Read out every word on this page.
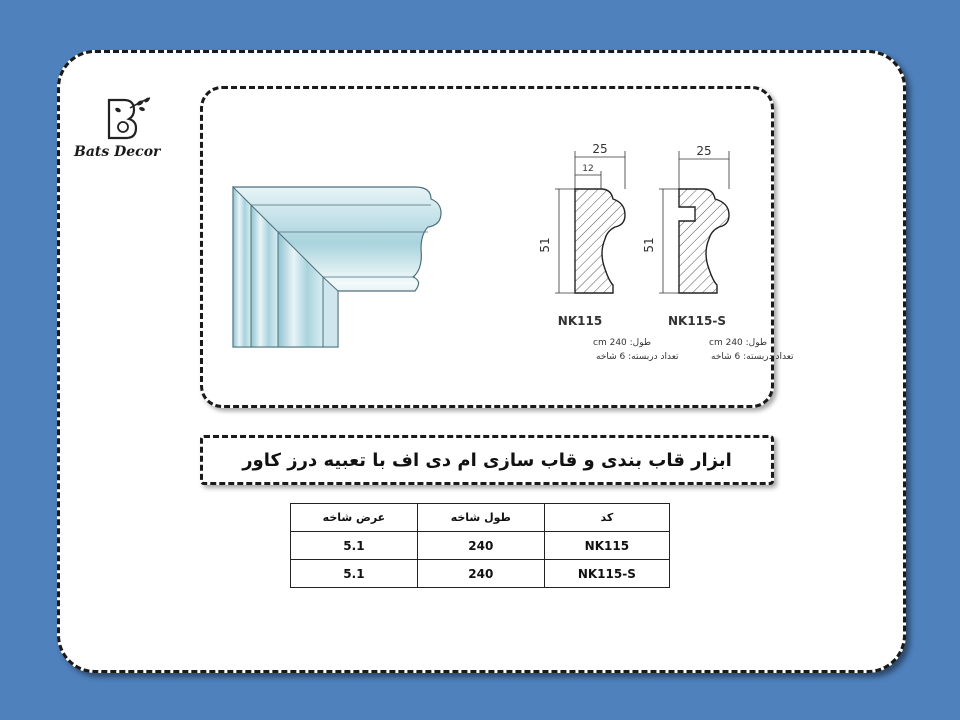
Bats Decor	25
12
51
NK115
طول: 240 cm
تعداد دربسته: 6 شاخه
25
51
NK115-S
طول: 240 cm
تعداد دربسته: 6 شاخه
ابزار قاب بندی و قاب سازی ام دی اف با تعبیه درز کاور
کد	طول شاخه	عرض شاخه
NK115	240	5.1
NK115-S	240	5.1
